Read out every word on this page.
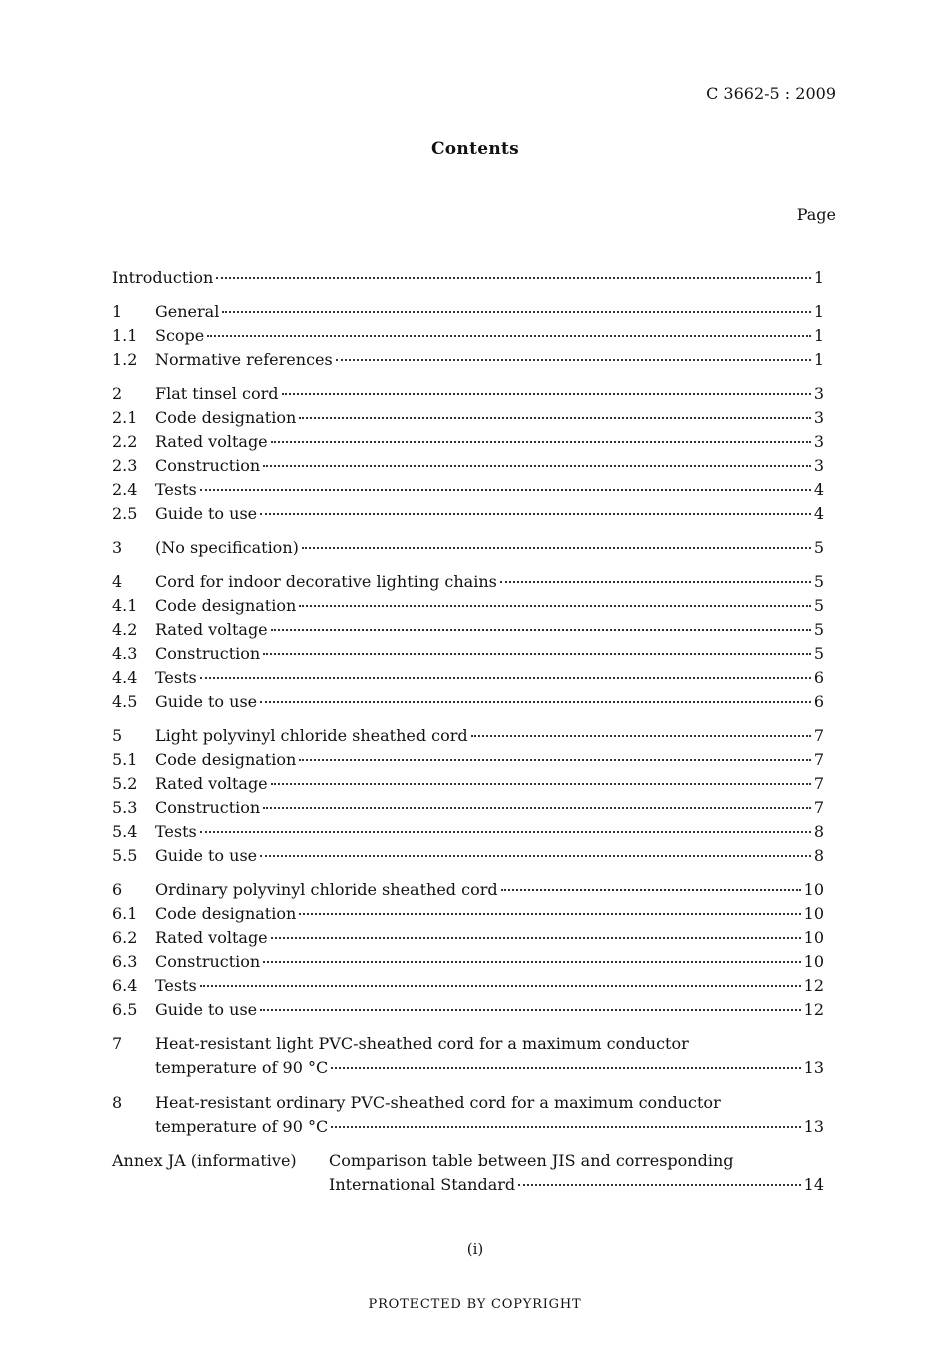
C 3662-5 : 2009
Contents
Page
Introduction	1
1 General	1
1.1 Scope	1
1.2 Normative references	1
2 Flat tinsel cord	3
2.1 Code designation	3
2.2 Rated voltage	3
2.3 Construction	3
2.4 Tests	4
2.5 Guide to use	4
3 (No specification)	5
4 Cord for indoor decorative lighting chains	5
4.1 Code designation	5
4.2 Rated voltage	5
4.3 Construction	5
4.4 Tests	6
4.5 Guide to use	6
5 Light polyvinyl chloride sheathed cord	7
5.1 Code designation	7
5.2 Rated voltage	7
5.3 Construction	7
5.4 Tests	8
5.5 Guide to use	8
6 Ordinary polyvinyl chloride sheathed cord	10
6.1 Code designation	10
6.2 Rated voltage	10
6.3 Construction	10
6.4 Tests	12
6.5 Guide to use	12
7 Heat-resistant light PVC-sheathed cord for a maximum conductor
temperature of 90 °C	13
8 Heat-resistant ordinary PVC-sheathed cord for a maximum conductor
temperature of 90 °C	13
Annex JA (informative) Comparison table between JIS and corresponding
International Standard	14
(i)
PROTECTED BY COPYRIGHT
